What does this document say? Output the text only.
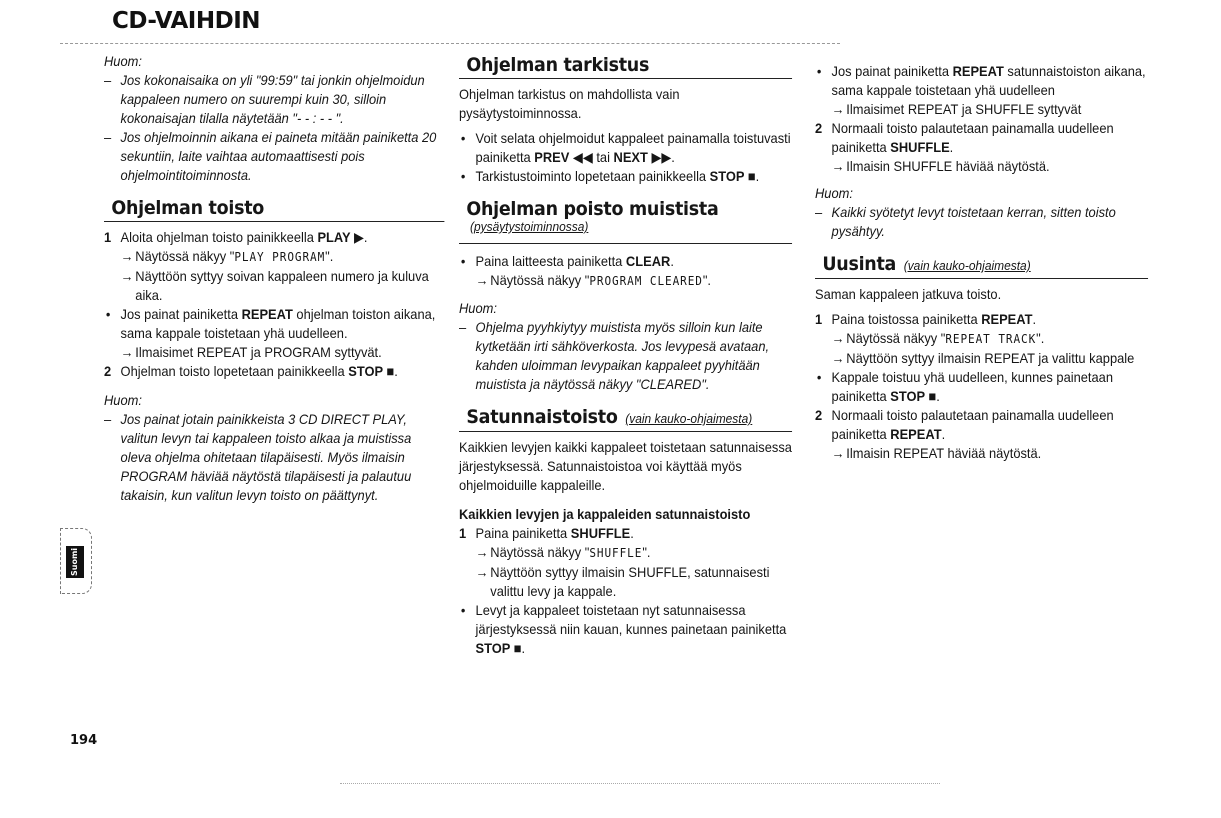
CD-VAIHDIN

Huom:

– Jos kokonaisaika on yli "99:59" tai jonkin ohjelmoidun kappaleen numero on suurempi kuin 30, silloin kokonaisajan tilalla näytetään "- - : - - ".
– Jos ohjelmoinnin aikana ei paineta mitään painiketta 20 sekuntiin, laite vaihtaa automaattisesti pois ohjelmointitoiminnosta.
Ohjelman toisto
1 Aloita ohjelman toisto painikkeella PLAY ▶.
→ Näytössä näkyy "PLAY PROGRAM".
→ Näyttöön syttyy soivan kappaleen numero ja kuluva aika.
• Jos painat painiketta REPEAT ohjelman toiston aikana, sama kappale toistetaan yhä uudelleen.
→ Ilmaisimet REPEAT ja PROGRAM syttyvät.
2 Ohjelman toisto lopetetaan painikkeella STOP ■.

Huom:

– Jos painat jotain painikkeista 3 CD DIRECT PLAY, valitun levyn tai kappaleen toisto alkaa ja muistissa oleva ohjelma ohitetaan tilapäisesti. Myös ilmaisin PROGRAM häviää näytöstä tilapäisesti ja palautuu takaisin, kun valitun levyn toisto on päättynyt.
Ohjelman tarkistus

Ohjelman tarkistus on mahdollista vain pysäytystoiminnossa.

• Voit selata ohjelmoidut kappaleet painamalla toistuvasti painiketta PREV ◀◀ tai NEXT ▶▶.
• Tarkistustoiminto lopetetaan painikkeella STOP ■.
Ohjelman poisto muistista
(pysäytystoiminnossa)
• Paina laitteesta painiketta CLEAR.
→ Näytössä näkyy "PROGRAM CLEARED".

Huom:

– Ohjelma pyyhkiytyy muistista myös silloin kun laite kytketään irti sähköverkosta. Jos levypesä avataan, kahden uloimman levypaikan kappaleet pyyhitään muistista ja näytössä näkyy "CLEARED".
Satunnaistoisto (vain kauko-ohjaimesta)

Kaikkien levyjen kaikki kappaleet toistetaan satunnaisessa järjestyksessä. Satunnaistoistoa voi käyttää myös ohjelmoiduille kappaleille.

Kaikkien levyjen ja kappaleiden satunnaistoisto

1 Paina painiketta SHUFFLE.
→ Näytössä näkyy "SHUFFLE".
→ Näyttöön syttyy ilmaisin SHUFFLE, satunnaisesti valittu levy ja kappale.
• Levyt ja kappaleet toistetaan nyt satunnaisessa järjestyksessä niin kauan, kunnes painetaan painiketta STOP ■.
• Jos painat painiketta REPEAT satunnaistoiston aikana, sama kappale toistetaan yhä uudelleen
→ Ilmaisimet REPEAT ja SHUFFLE syttyvät
2 Normaali toisto palautetaan painamalla uudelleen painiketta SHUFFLE.
→ Ilmaisin SHUFFLE häviää näytöstä.

Huom:

– Kaikki syötetyt levyt toistetaan kerran, sitten toisto pysähtyy.
Uusinta (vain kauko-ohjaimesta)

Saman kappaleen jatkuva toisto.

1 Paina toistossa painiketta REPEAT.
→ Näytössä näkyy "REPEAT TRACK".
→ Näyttöön syttyy ilmaisin REPEAT ja valittu kappale
• Kappale toistuu yhä uudelleen, kunnes painetaan painiketta STOP ■.
2 Normaali toisto palautetaan painamalla uudelleen painiketta REPEAT.
→ Ilmaisin REPEAT häviää näytöstä.
Suomi
194
